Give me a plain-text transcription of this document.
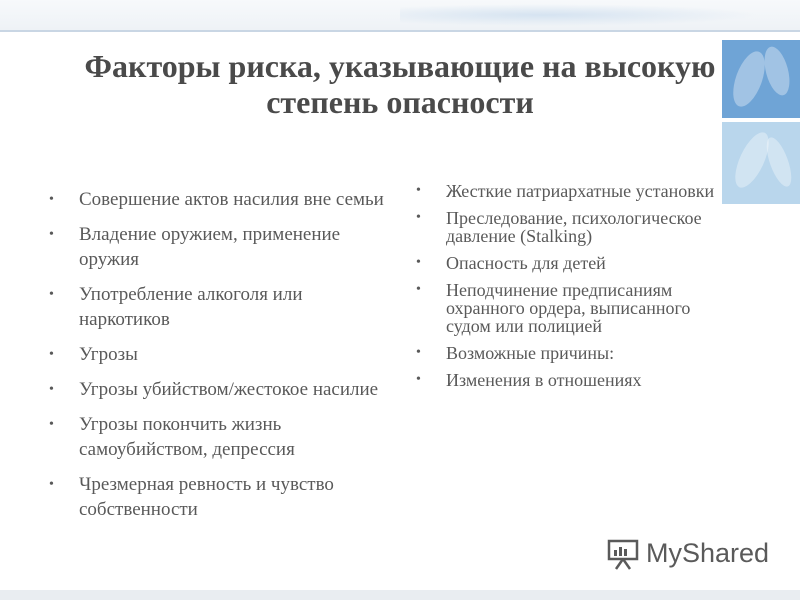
Факторы риска, указывающие на высокую степень опасности
• Совершение актов насилия вне семьи
• Владение оружием, применение оружия
• Употребление алкоголя или наркотиков
• Угрозы
• Угрозы убийством/жестокое насилие
• Угрозы покончить жизнь самоубийством, депрессия
• Чрезмерная ревность и чувство собственности
• Жесткие патриархатные установки
• Преследование, психологическое давление (Stalking)
• Опасность для детей
• Неподчинение предписаниям охранного ордера, выписанного судом или полицией
• Возможные причины:
• Изменения в отношениях
MyShared
